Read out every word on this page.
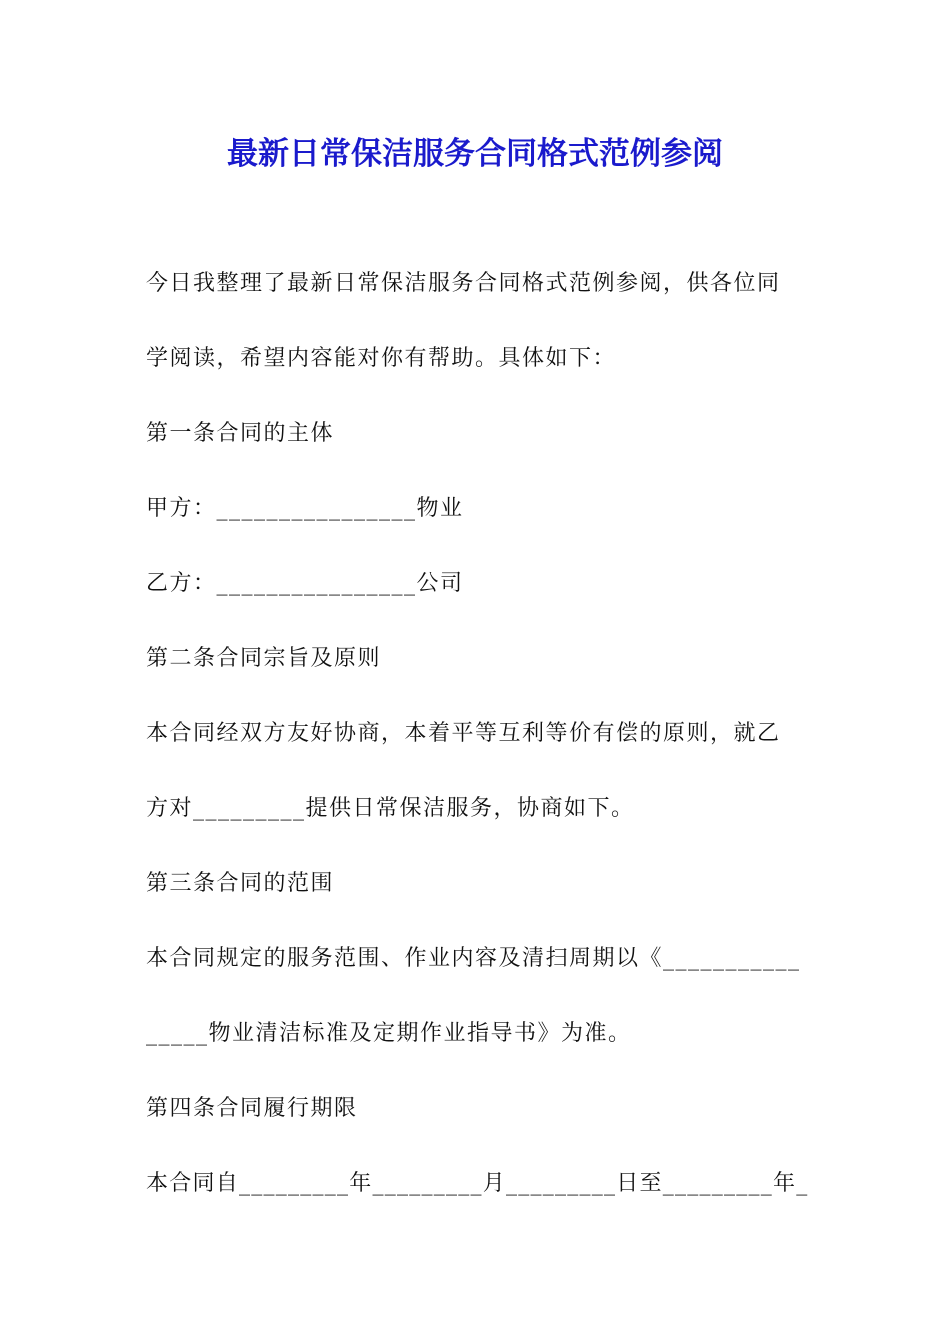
最新日常保洁服务合同格式范例参阅
今日我整理了最新日常保洁服务合同格式范例参阅，供各位同
学阅读，希望内容能对你有帮助。具体如下：
第一条合同的主体
甲方：________________物业
乙方：________________公司
第二条合同宗旨及原则
本合同经双方友好协商，本着平等互利等价有偿的原则，就乙
方对_________提供日常保洁服务，协商如下。
第三条合同的范围
本合同规定的服务范围、作业内容及清扫周期以《___________
_____物业清洁标准及定期作业指导书》为准。
第四条合同履行期限
本合同自_________年_________月_________日至_________年_
